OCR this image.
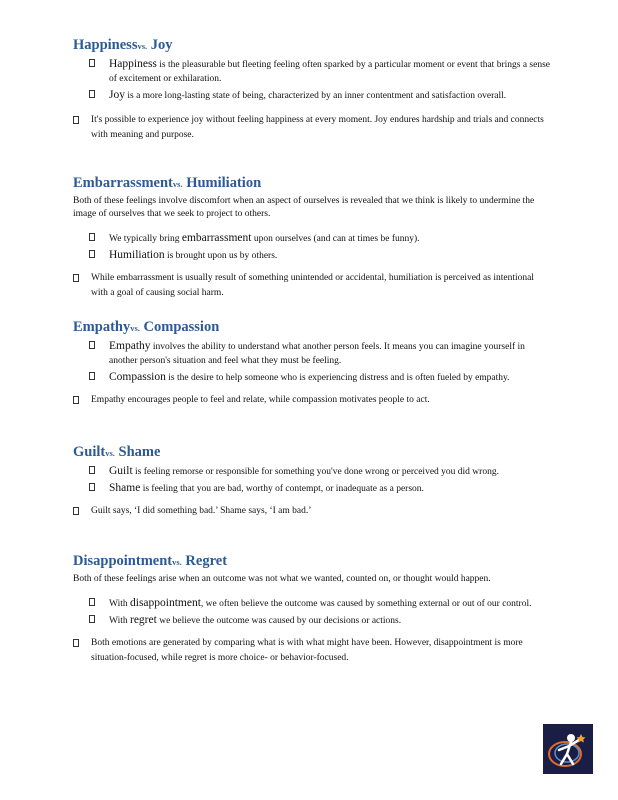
Happinessvs. Joy
Happiness is the pleasurable but fleeting feeling often sparked by a particular moment or event that brings a sense of excitement or exhilaration.
Joy is a more long-lasting state of being, characterized by an inner contentment and satisfaction overall.
It's possible to experience joy without feeling happiness at every moment. Joy endures hardship and trials and connects with meaning and purpose.
Embarrassmentvs. Humiliation

Both of these feelings involve discomfort when an aspect of ourselves is revealed that we think is likely to undermine the image of ourselves that we seek to project to others.

We typically bring embarrassment upon ourselves (and can at times be funny).
Humiliation is brought upon us by others.
While embarrassment is usually result of something unintended or accidental, humiliation is perceived as intentional with a goal of causing social harm.
Empathyvs. Compassion
Empathy involves the ability to understand what another person feels. It means you can imagine yourself in another person's situation and feel what they must be feeling.
Compassion is the desire to help someone who is experiencing distress and is often fueled by empathy.
Empathy encourages people to feel and relate, while compassion motivates people to act.
Guiltvs. Shame
Guilt is feeling remorse or responsible for something you've done wrong or perceived you did wrong.
Shame is feeling that you are bad, worthy of contempt, or inadequate as a person.
Guilt says, ‘I did something bad.’ Shame says, ‘I am bad.’
Disappointmentvs. Regret

Both of these feelings arise when an outcome was not what we wanted, counted on, or thought would happen.

With disappointment, we often believe the outcome was caused by something external or out of our control.
With regret we believe the outcome was caused by our decisions or actions.
Both emotions are generated by comparing what is with what might have been. However, disappointment is more situation-focused, while regret is more choice- or behavior-focused.
